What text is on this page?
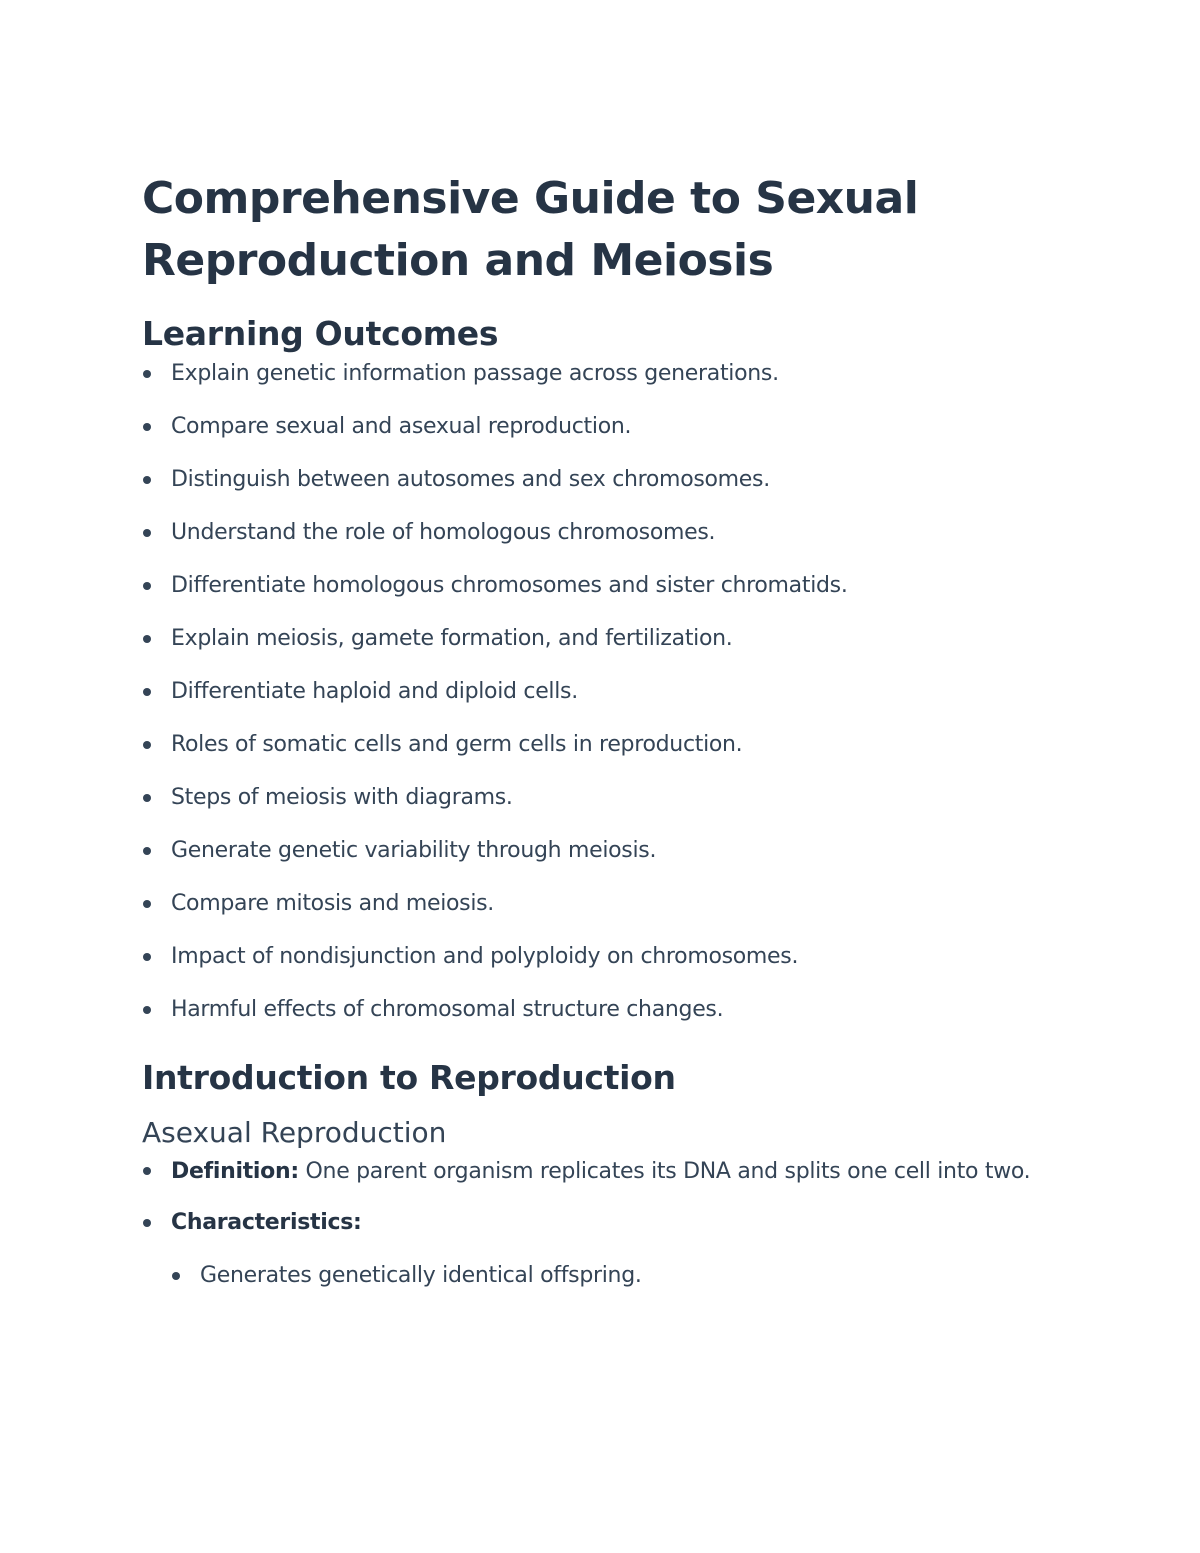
Comprehensive Guide to Sexual Reproduction and Meiosis
Learning Outcomes
Explain genetic information passage across generations.
Compare sexual and asexual reproduction.
Distinguish between autosomes and sex chromosomes.
Understand the role of homologous chromosomes.
Differentiate homologous chromosomes and sister chromatids.
Explain meiosis, gamete formation, and fertilization.
Differentiate haploid and diploid cells.
Roles of somatic cells and germ cells in reproduction.
Steps of meiosis with diagrams.
Generate genetic variability through meiosis.
Compare mitosis and meiosis.
Impact of nondisjunction and polyploidy on chromosomes.
Harmful effects of chromosomal structure changes.
Introduction to Reproduction
Asexual Reproduction
Definition: One parent organism replicates its DNA and splits one cell into two.
Characteristics:
Generates genetically identical offspring.
